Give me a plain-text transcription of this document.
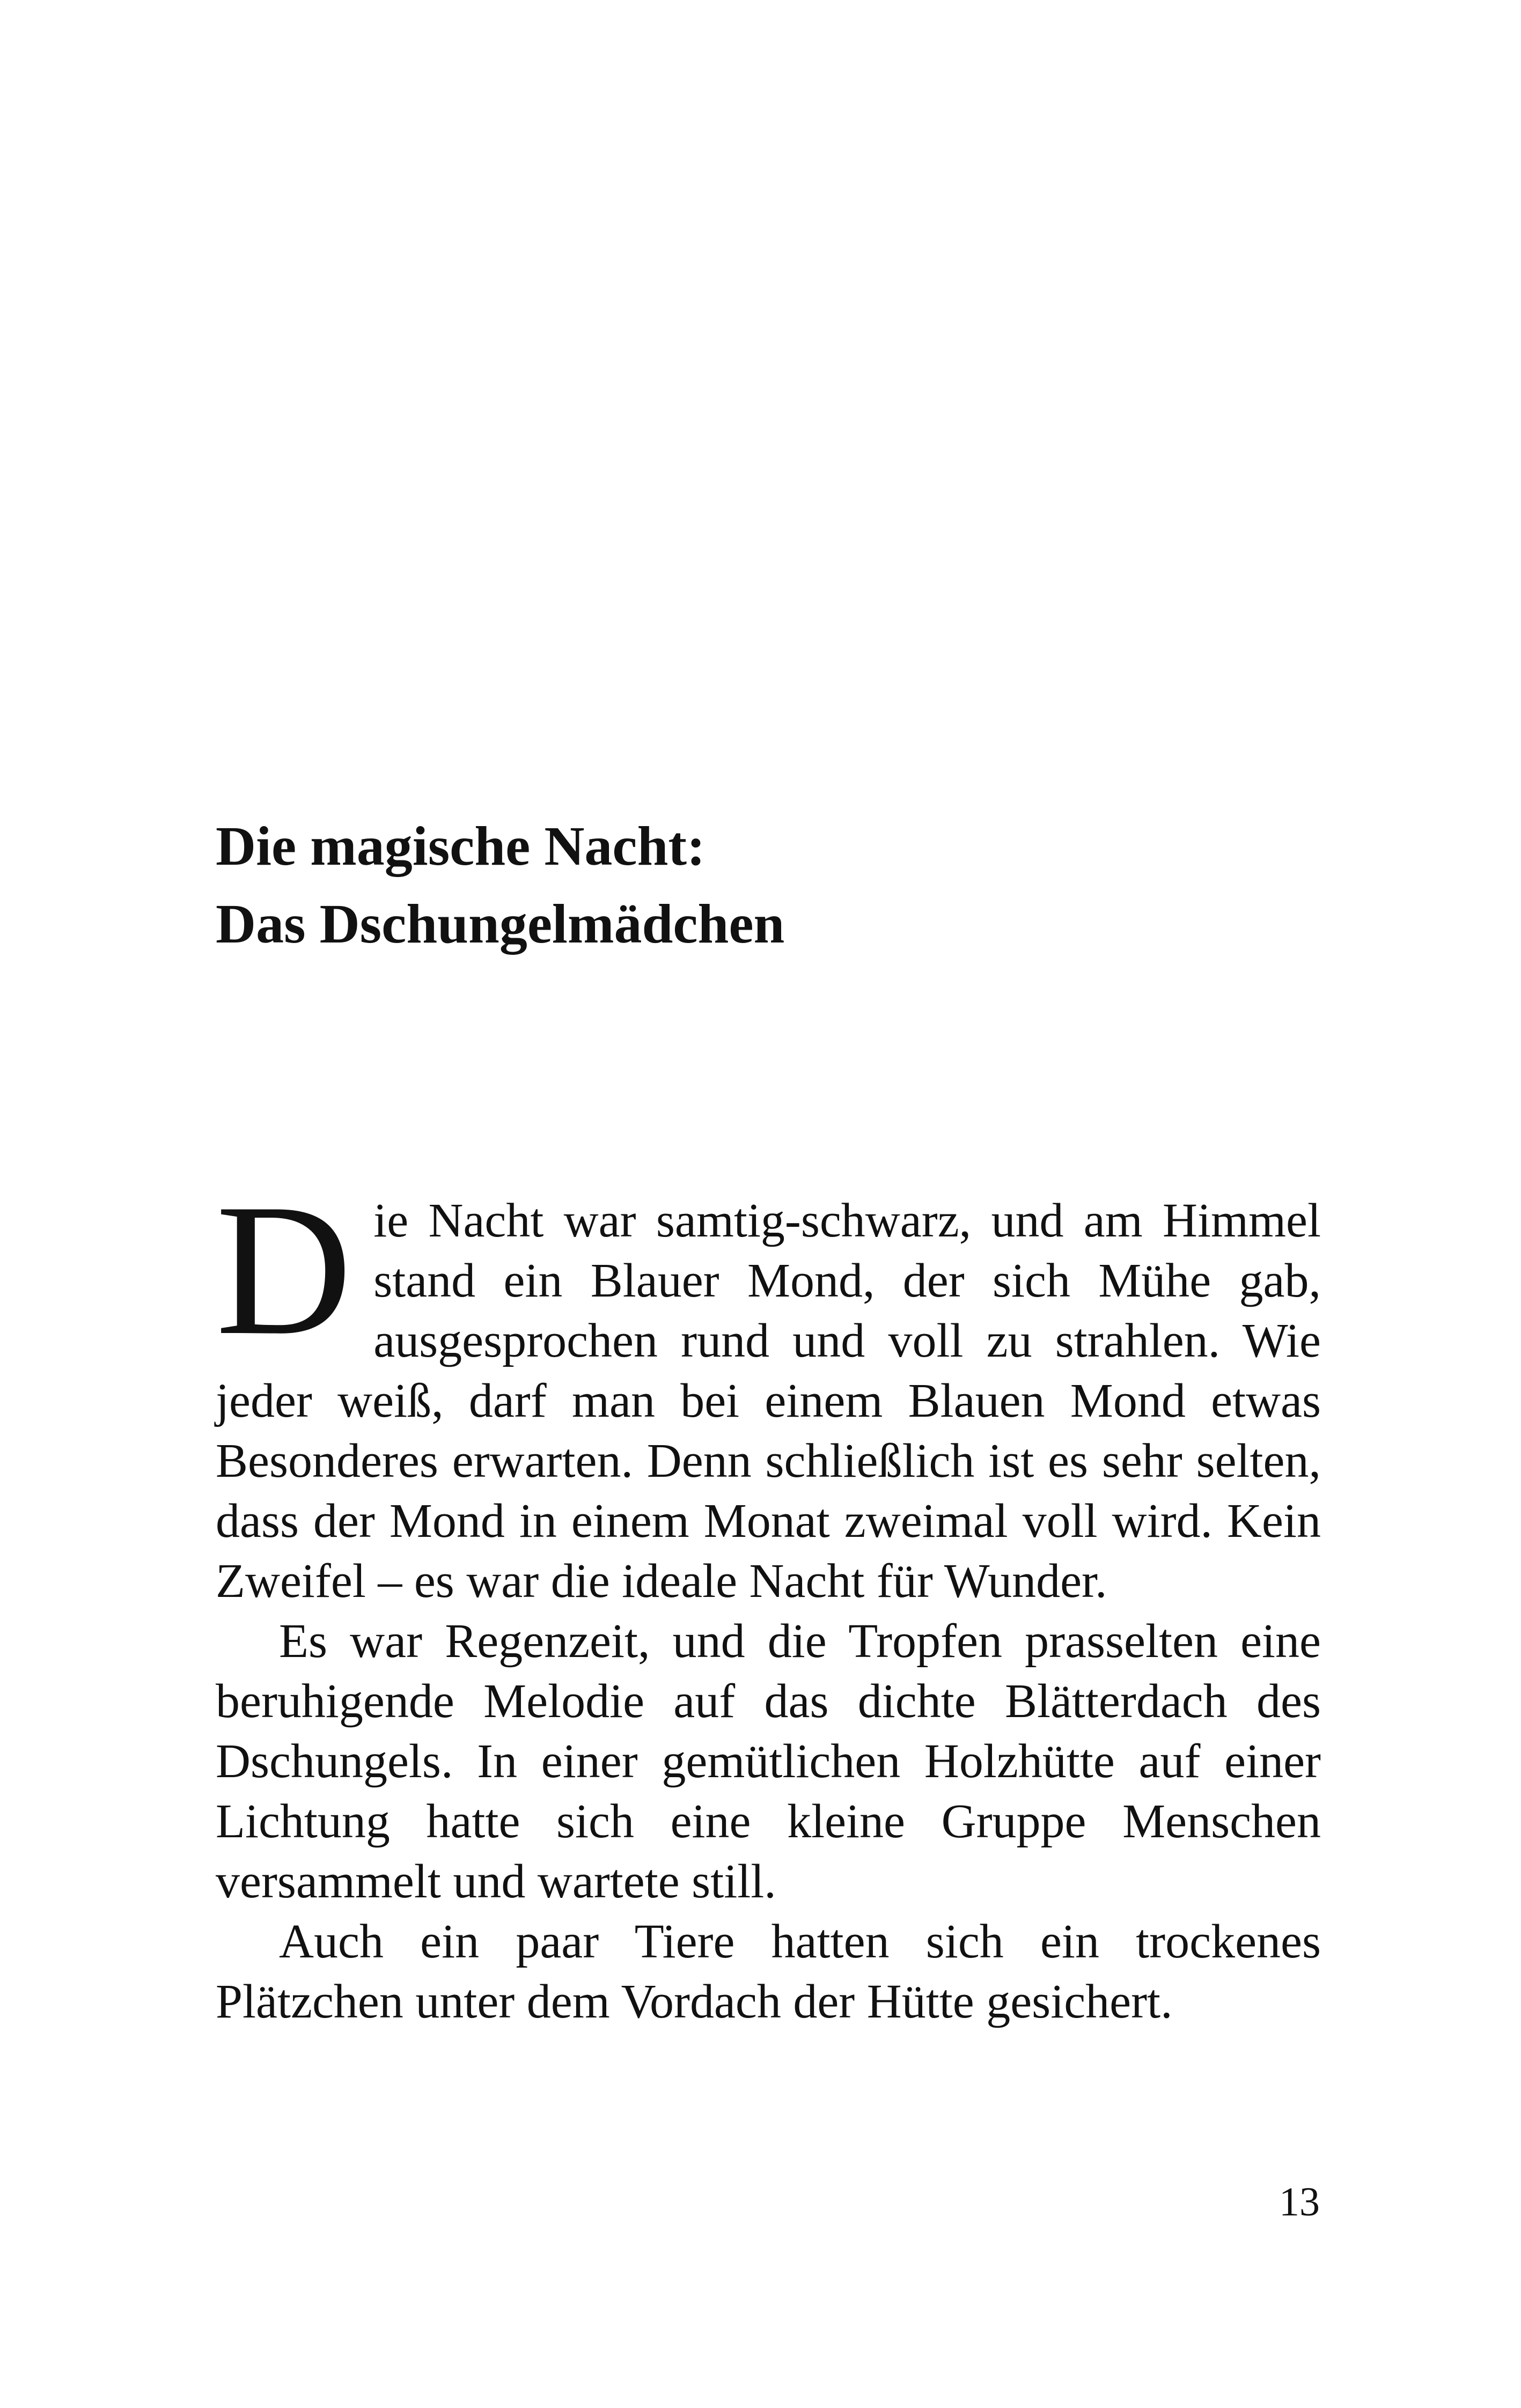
Die magische Nacht:
Das Dschungelmädchen

Die Nacht war samtig-schwarz, und am Himmel stand ein Blauer Mond, der sich Mühe gab, ausgesprochen rund und voll zu strahlen. Wie jeder weiß, darf man bei einem Blauen Mond etwas Besonderes erwarten. Denn schließlich ist es sehr selten, dass der Mond in einem Monat zweimal voll wird. Kein Zweifel – es war die ideale Nacht für Wunder.

Es war Regenzeit, und die Tropfen prasselten eine beruhigende Melodie auf das dichte Blätterdach des Dschungels. In einer gemütlichen Holzhütte auf einer Lichtung hatte sich eine kleine Gruppe Menschen versammelt und wartete still.

Auch ein paar Tiere hatten sich ein trockenes Plätzchen unter dem Vordach der Hütte gesichert.

13
